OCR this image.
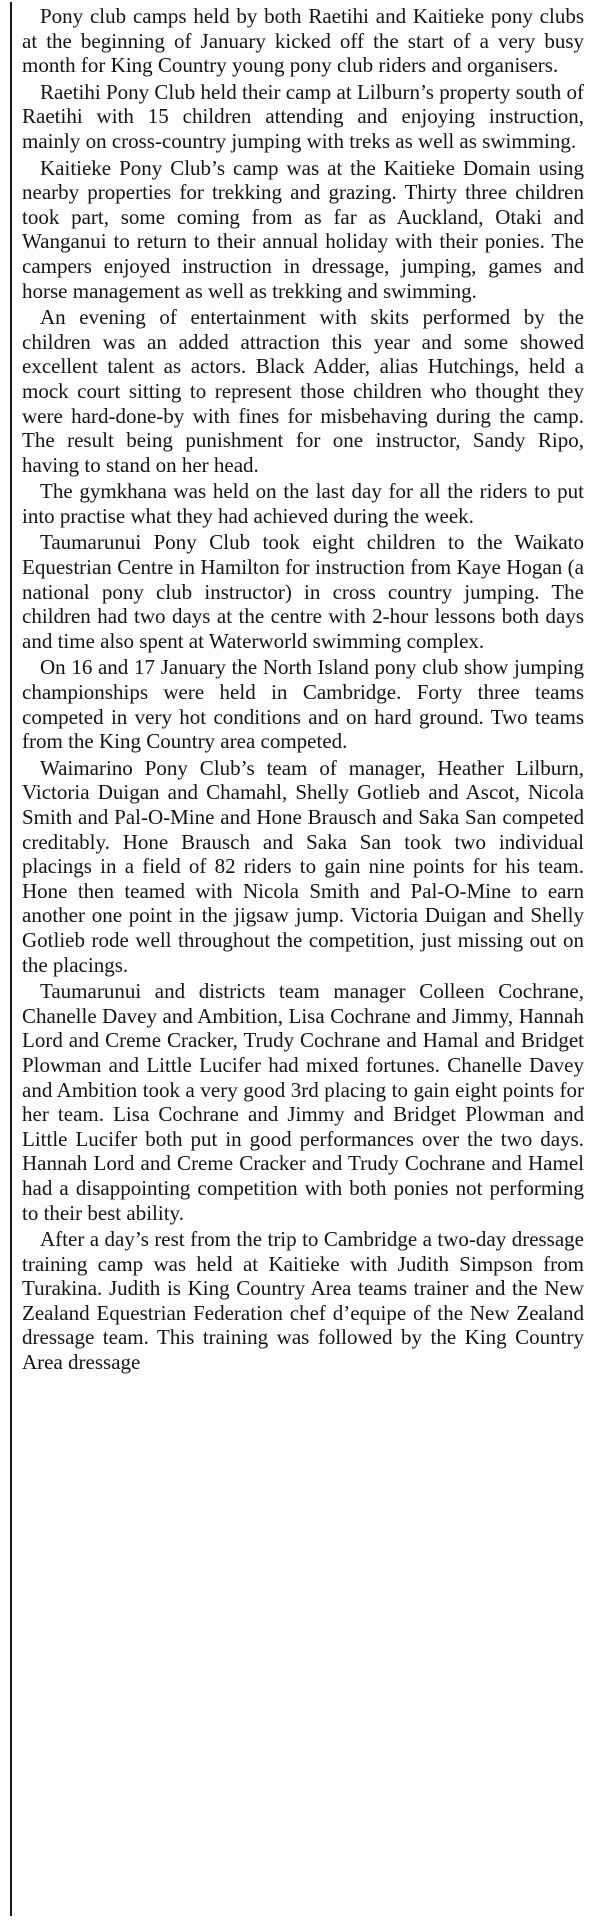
Pony club camps held by both Raetihi and Kaitieke pony clubs at the beginning of January kicked off the start of a very busy month for King Country young pony club riders and organisers.

Raetihi Pony Club held their camp at Lilburn’s property south of Raetihi with 15 children attending and enjoying instruction, mainly on cross-country jumping with treks as well as swimming.

Kaitieke Pony Club’s camp was at the Kaitieke Domain using nearby properties for trekking and grazing. Thirty three children took part, some coming from as far as Auckland, Otaki and Wanganui to return to their annual holiday with their ponies. The campers enjoyed instruction in dressage, jumping, games and horse management as well as trekking and swimming.

An evening of entertainment with skits performed by the children was an added attraction this year and some showed excellent talent as actors. Black Adder, alias Hutchings, held a mock court sitting to represent those children who thought they were hard-done-by with fines for misbehaving during the camp. The result being punishment for one instructor, Sandy Ripo, having to stand on her head.

The gymkhana was held on the last day for all the riders to put into practise what they had achieved during the week.

Taumarunui Pony Club took eight children to the Waikato Equestrian Centre in Hamilton for instruction from Kaye Hogan (a national pony club instructor) in cross country jumping. The children had two days at the centre with 2-hour lessons both days and time also spent at Waterworld swimming complex.

On 16 and 17 January the North Island pony club show jumping championships were held in Cambridge. Forty three teams competed in very hot conditions and on hard ground. Two teams from the King Country area competed.

Waimarino Pony Club’s team of manager, Heather Lilburn, Victoria Duigan and Chamahl, Shelly Gotlieb and Ascot, Nicola Smith and Pal-O-Mine and Hone Brausch and Saka San competed creditably. Hone Brausch and Saka San took two individual placings in a field of 82 riders to gain nine points for his team. Hone then teamed with Nicola Smith and Pal-O-Mine to earn another one point in the jigsaw jump. Victoria Duigan and Shelly Gotlieb rode well throughout the competition, just missing out on the placings.

Taumarunui and districts team manager Colleen Cochrane, Chanelle Davey and Ambition, Lisa Cochrane and Jimmy, Hannah Lord and Creme Cracker, Trudy Cochrane and Hamal and Bridget Plowman and Little Lucifer had mixed fortunes. Chanelle Davey and Ambition took a very good 3rd placing to gain eight points for her team. Lisa Cochrane and Jimmy and Bridget Plowman and Little Lucifer both put in good performances over the two days. Hannah Lord and Creme Cracker and Trudy Cochrane and Hamel had a disappointing competition with both ponies not performing to their best ability.

After a day’s rest from the trip to Cambridge a two-day dressage training camp was held at Kaitieke with Judith Simpson from Turakina. Judith is King Country Area teams trainer and the New Zealand Equestrian Federation chef d’equipe of the New Zealand dressage team. This training was followed by the King Country Area dressage
